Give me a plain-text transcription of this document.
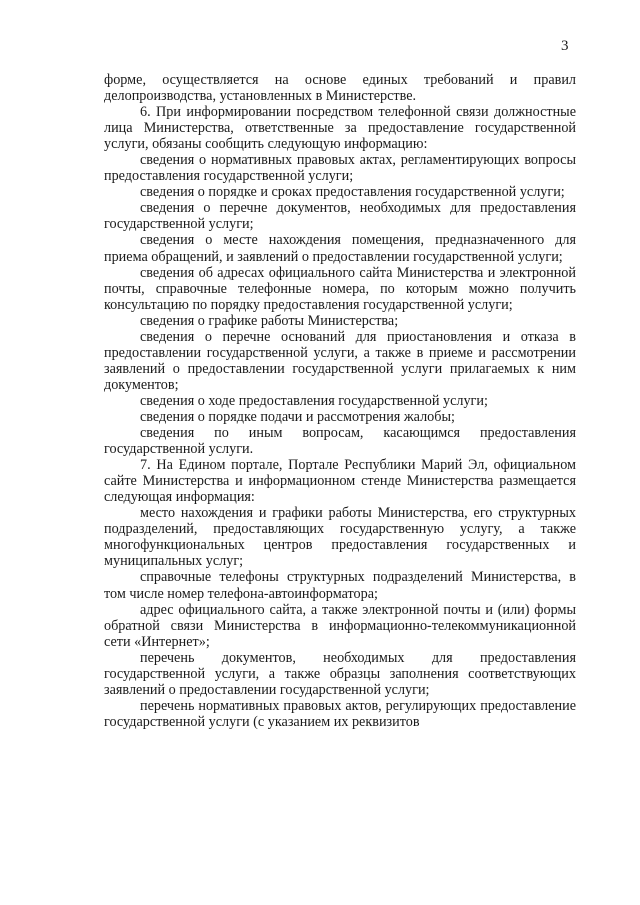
3

форме, осуществляется на основе единых требований и правил делопроизводства, установленных в Министерстве.

6. При информировании посредством телефонной связи должностные лица Министерства, ответственные за предоставление государственной услуги, обязаны сообщить следующую информацию:

сведения о нормативных правовых актах, регламентирующих вопросы предоставления государственной услуги;

сведения о порядке и сроках предоставления государственной услуги;

сведения о перечне документов, необходимых для предоставления государственной услуги;

сведения о месте нахождения помещения, предназначенного для приема обращений, и заявлений о предоставлении государственной услуги;

сведения об адресах официального сайта Министерства и электронной почты, справочные телефонные номера, по которым можно получить консультацию по порядку предоставления государственной услуги;

сведения о графике работы Министерства;

сведения о перечне оснований для приостановления и отказа в предоставлении государственной услуги, а также в приеме и рассмотрении заявлений о предоставлении государственной услуги прилагаемых к ним документов;

сведения о ходе предоставления государственной услуги;

сведения о порядке подачи и рассмотрения жалобы;

сведения по иным вопросам, касающимся предоставления государственной услуги.

7. На Едином портале, Портале Республики Марий Эл, официальном сайте Министерства и информационном стенде Министерства размещается следующая информация:

место нахождения и графики работы Министерства, его структурных подразделений, предоставляющих государственную услугу, а также многофункциональных центров предоставления государственных и муниципальных услуг;

справочные телефоны структурных подразделений Министерства, в том числе номер телефона-автоинформатора;

адрес официального сайта, а также электронной почты и (или) формы обратной связи Министерства в информационно-телекоммуникационной сети «Интернет»;

перечень документов, необходимых для предоставления государственной услуги, а также образцы заполнения соответствующих заявлений о предоставлении государственной услуги;

перечень нормативных правовых актов, регулирующих предоставление государственной услуги (с указанием их реквизитов
